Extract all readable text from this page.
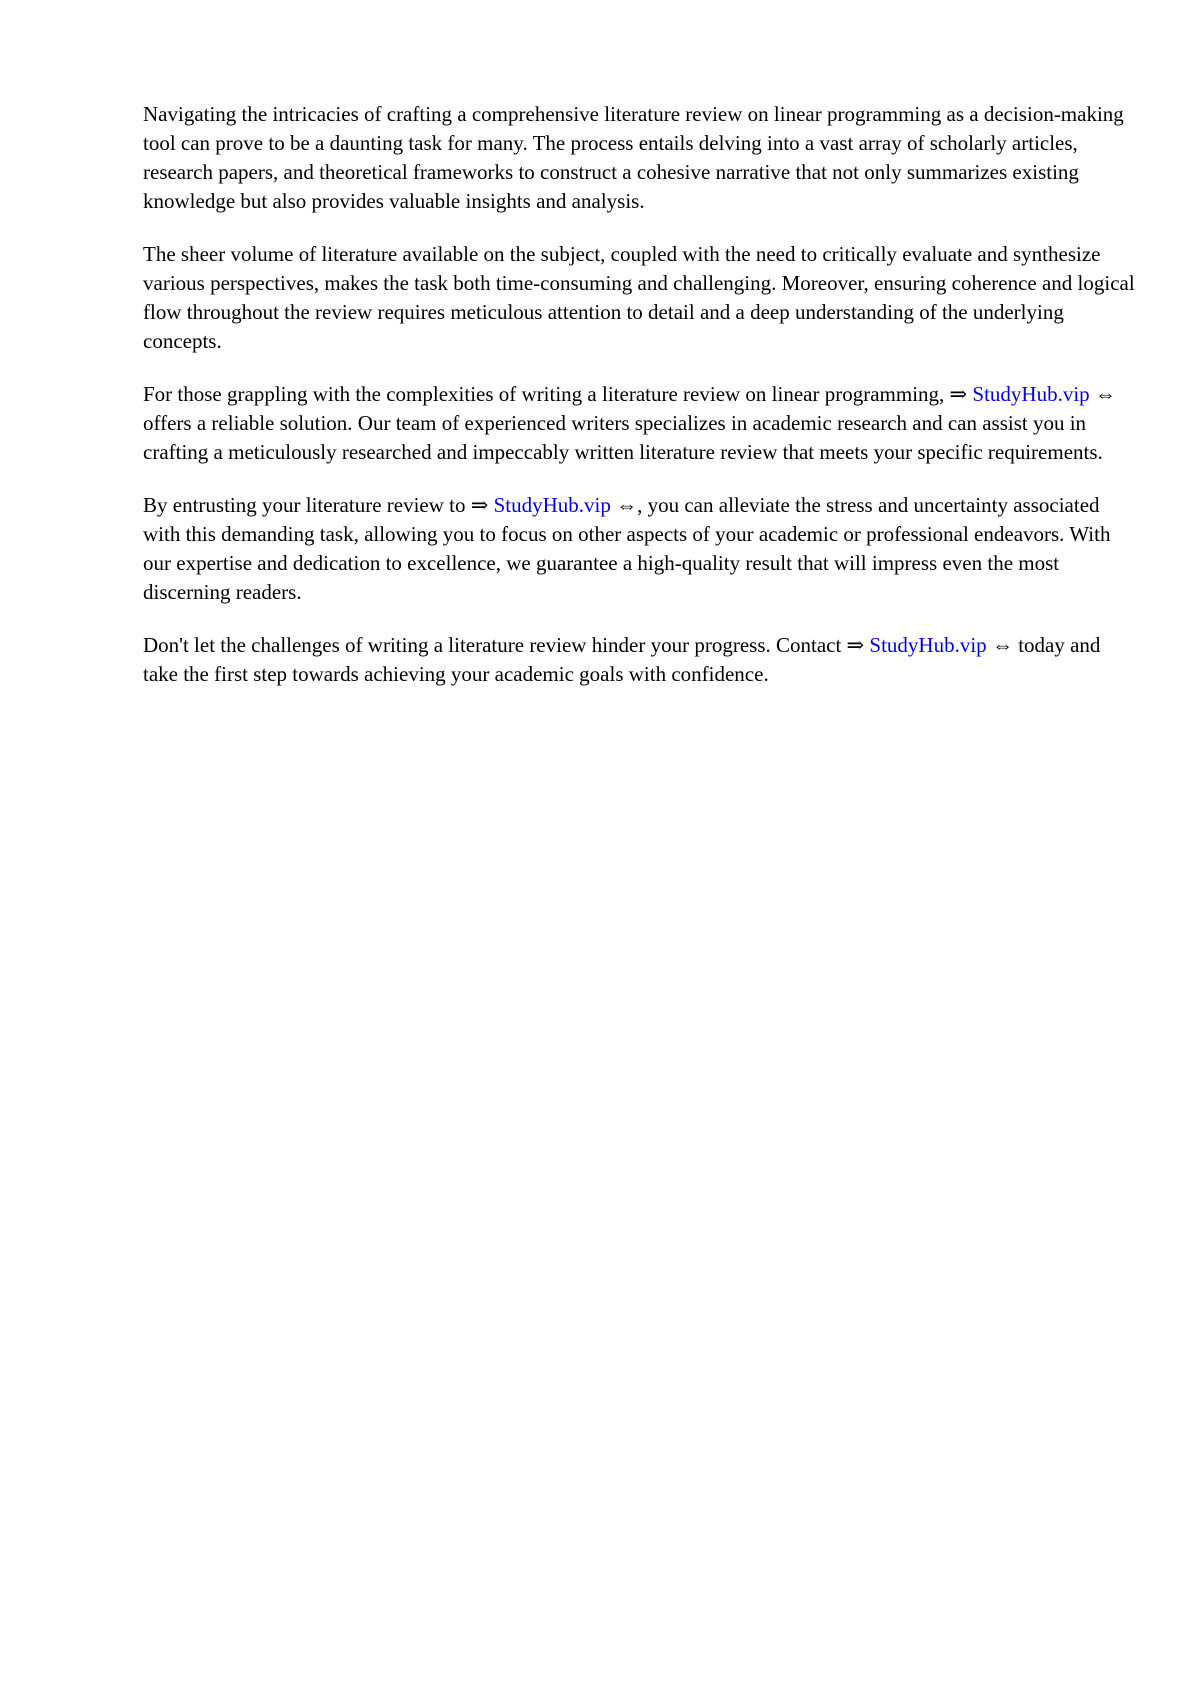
Navigating the intricacies of crafting a comprehensive literature review on linear programming as a decision-making tool can prove to be a daunting task for many. The process entails delving into a vast array of scholarly articles, research papers, and theoretical frameworks to construct a cohesive narrative that not only summarizes existing knowledge but also provides valuable insights and analysis.

The sheer volume of literature available on the subject, coupled with the need to critically evaluate and synthesize various perspectives, makes the task both time-consuming and challenging. Moreover, ensuring coherence and logical flow throughout the review requires meticulous attention to detail and a deep understanding of the underlying concepts.

For those grappling with the complexities of writing a literature review on linear programming, ⇒ StudyHub.vip ⇔ offers a reliable solution. Our team of experienced writers specializes in academic research and can assist you in crafting a meticulously researched and impeccably written literature review that meets your specific requirements.

By entrusting your literature review to ⇒ StudyHub.vip ⇔, you can alleviate the stress and uncertainty associated with this demanding task, allowing you to focus on other aspects of your academic or professional endeavors. With our expertise and dedication to excellence, we guarantee a high-quality result that will impress even the most discerning readers.

Don't let the challenges of writing a literature review hinder your progress. Contact ⇒ StudyHub.vip ⇔ today and take the first step towards achieving your academic goals with confidence.
